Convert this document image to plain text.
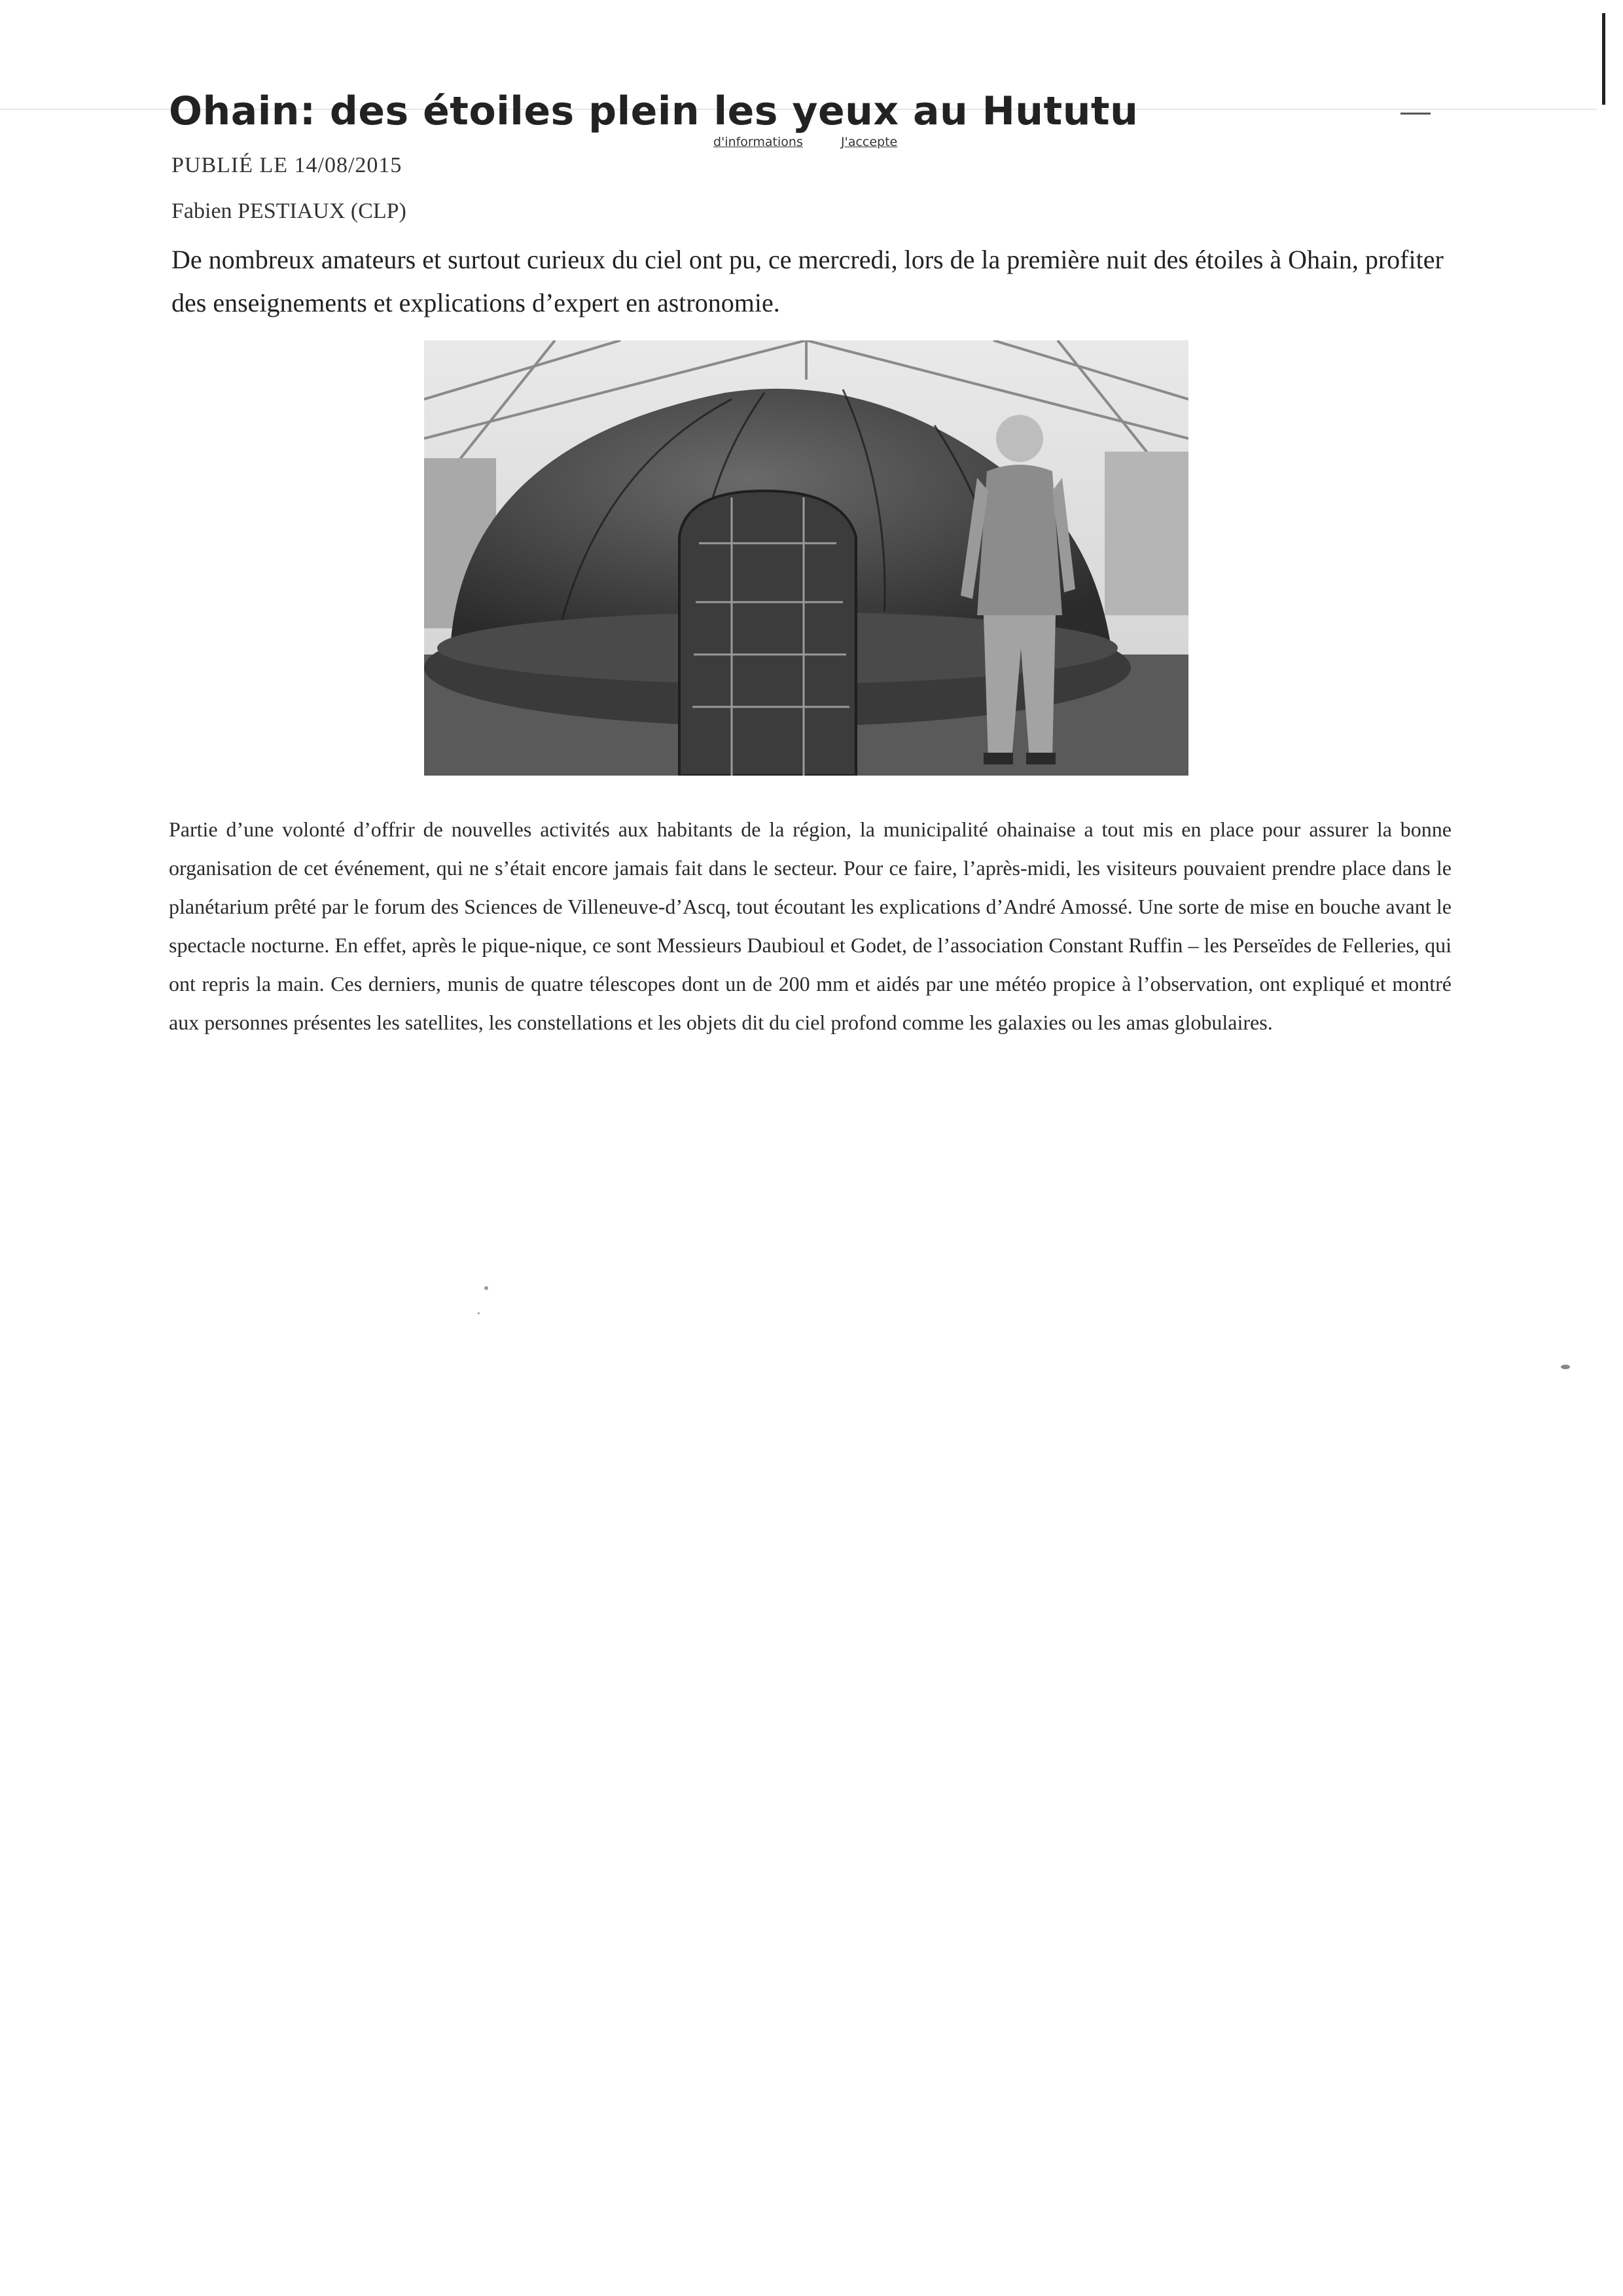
Ohain: des étoiles plein les yeux au Hututu
d'informations	J'accepte
PUBLIÉ LE 14/08/2015
Fabien PESTIAUX (CLP)

De nombreux amateurs et surtout curieux du ciel ont pu, ce mercredi, lors de la première nuit des étoiles à Ohain, profiter des enseignements et explications d’expert en astronomie.

Partie d’une volonté d’offrir de nouvelles activités aux habitants de la région, la municipalité ohainaise a tout mis en place pour assurer la bonne organisation de cet événement, qui ne s’était encore jamais fait dans le secteur. Pour ce faire, l’après-midi, les visiteurs pouvaient prendre place dans le planétarium prêté par le forum des Sciences de Villeneuve-d’Ascq, tout écoutant les explications d’André Amossé. Une sorte de mise en bouche avant le spectacle nocturne. En effet, après le pique-nique, ce sont Messieurs Daubioul et Godet, de l’association Constant Ruffin – les Perseïdes de Felleries, qui ont repris la main. Ces derniers, munis de quatre télescopes dont un de 200 mm et aidés par une météo propice à l’observation, ont expliqué et montré aux personnes présentes les satellites, les constellations et les objets dit du ciel profond comme les galaxies ou les amas globulaires.
